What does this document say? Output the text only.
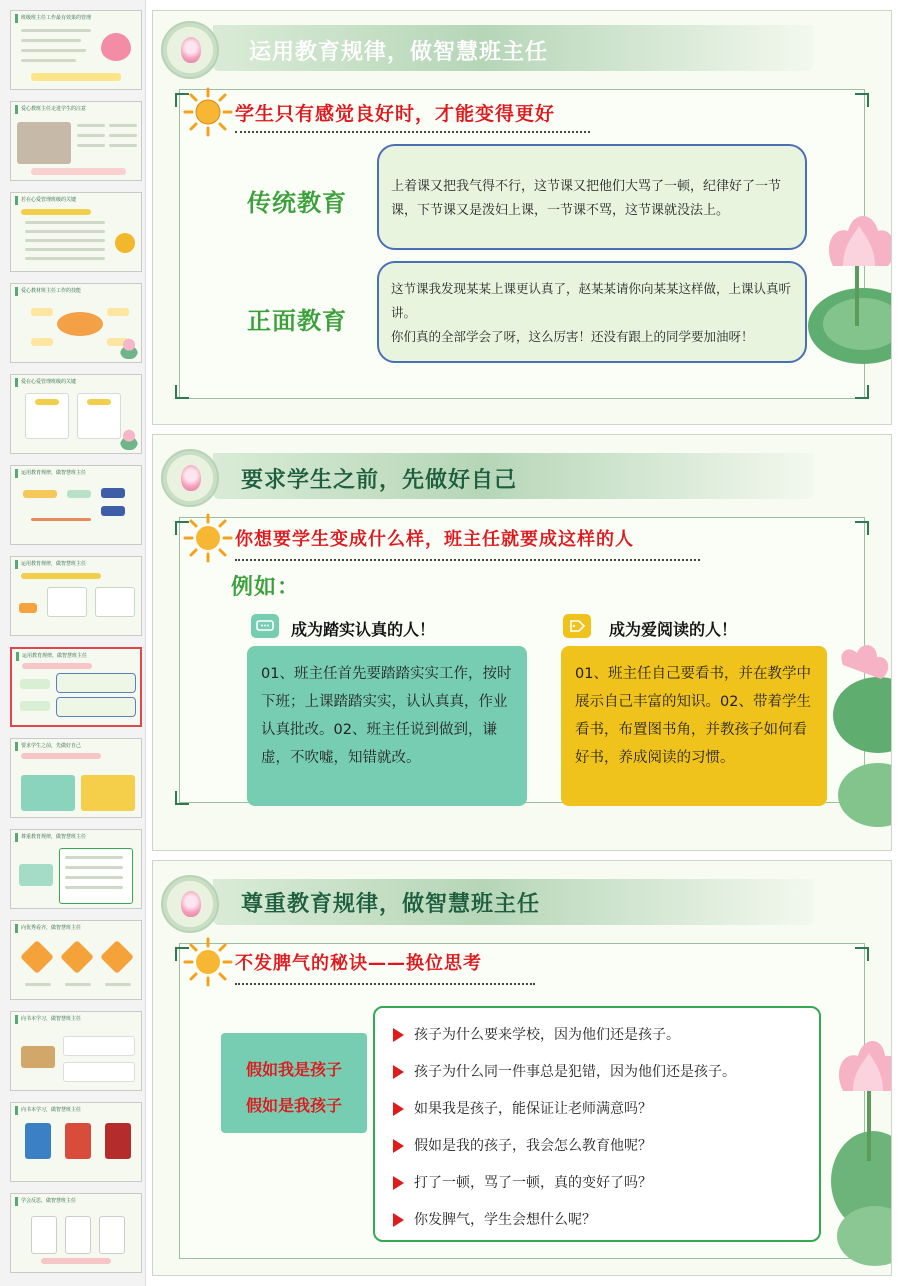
班级班主任工作最有效果的管理
爱心教班主任走进学生的注意
若在心爱管理班级的关键
爱心教材班主任工作的技能
爱在心爱管理班级的关键
运用教育规律，做智慧班主任
运用教育规律，做智慧班主任
运用教育规律，做智慧班主任
要求学生之前，先做好自己
尊重教育规律，做智慧班主任
向优秀看齐，做智慧班主任
向书本学习，做智慧班主任
向书本学习，做智慧班主任
学会反思，做智慧班主任
运用教育规律，做智慧班主任
学生只有感觉良好时，才能变得更好
传统教育
上着课又把我气得不行，这节课又把他们大骂了一顿，纪律好了一节课，下节课又是泼妇上课，一节课不骂，这节课就没法上。
正面教育
这节课我发现某某上课更认真了，赵某某请你向某某这样做，上课认真听讲。
你们真的全部学会了呀，这么厉害！还没有跟上的同学要加油呀！
要求学生之前，先做好自己
你想要学生变成什么样，班主任就要成这样的人
例如：
成为踏实认真的人！
01、班主任首先要踏踏实实工作，按时下班；上课踏踏实实，认认真真，作业认真批改。02、班主任说到做到，谦虚，不吹嘘，知错就改。
成为爱阅读的人！
01、班主任自己要看书，并在教学中展示自己丰富的知识。02、带着学生看书，布置图书角，并教孩子如何看好书，养成阅读的习惯。
尊重教育规律，做智慧班主任
不发脾气的秘诀——换位思考
假如我是孩子
假如是我孩子
孩子为什么要来学校，因为他们还是孩子。
孩子为什么同一件事总是犯错，因为他们还是孩子。
如果我是孩子，能保证让老师满意吗？
假如是我的孩子，我会怎么教育他呢？
打了一顿，骂了一顿，真的变好了吗？
你发脾气，学生会想什么呢？
